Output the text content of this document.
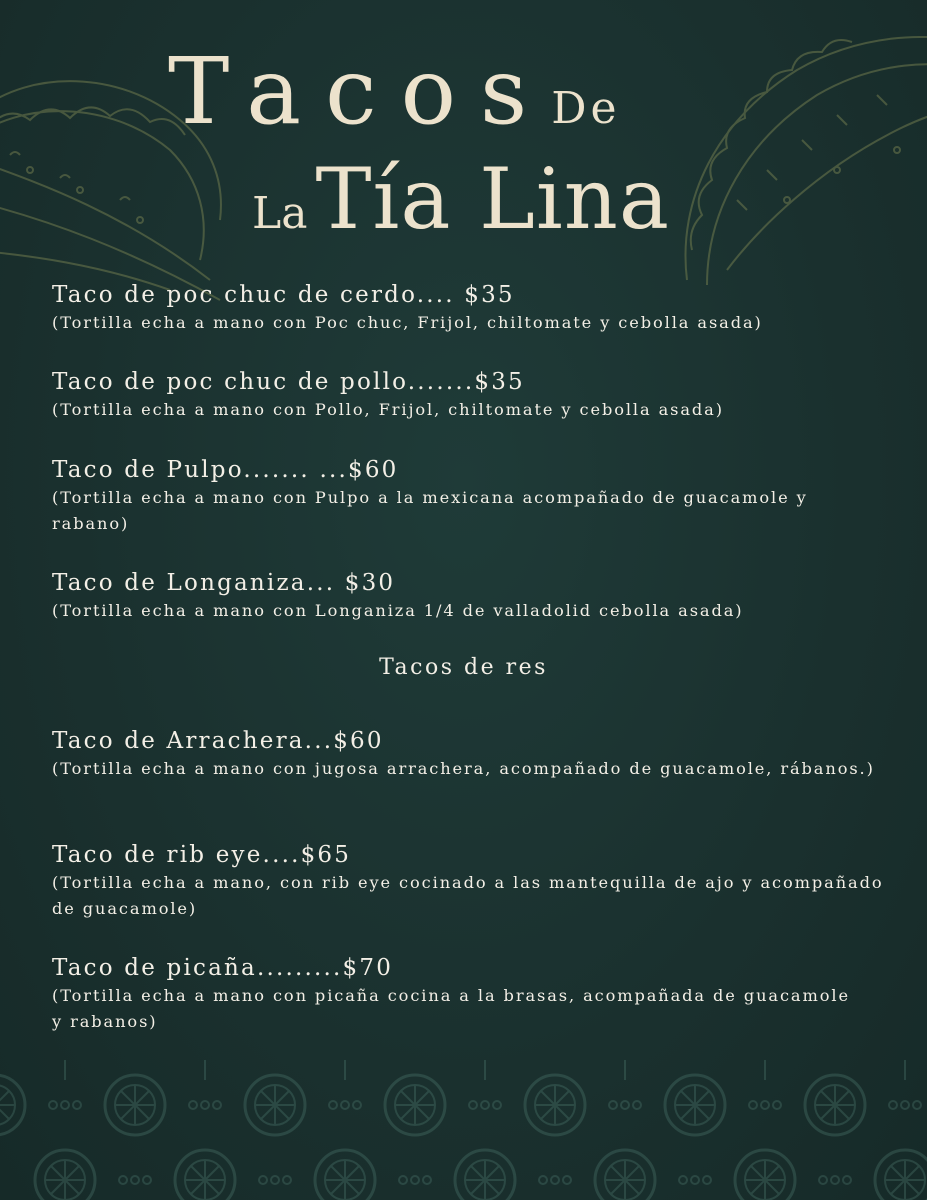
Tacos De
La Tía Lina
Taco de poc chuc de cerdo.... $35
(Tortilla echa a mano con Poc chuc, Frijol, chiltomate y cebolla asada)
Taco de poc chuc de pollo.......$35
(Tortilla echa a mano con Pollo, Frijol, chiltomate y cebolla asada)
Taco de Pulpo....... ...$60
(Tortilla echa a mano con Pulpo a la mexicana acompañado de guacamole y rabano)
Taco de Longaniza... $30
(Tortilla echa a mano con Longaniza 1/4 de valladolid cebolla asada)
Tacos de res
Taco de Arrachera...$60
(Tortilla echa a mano con jugosa arrachera, acompañado de guacamole, rábanos.)
Taco de rib eye....$65
(Tortilla echa a mano, con rib eye cocinado a las mantequilla de ajo y acompañado de guacamole)
Taco de picaña.........$70
(Tortilla echa a mano con picaña cocina a la brasas, acompañada de guacamole y rabanos)
